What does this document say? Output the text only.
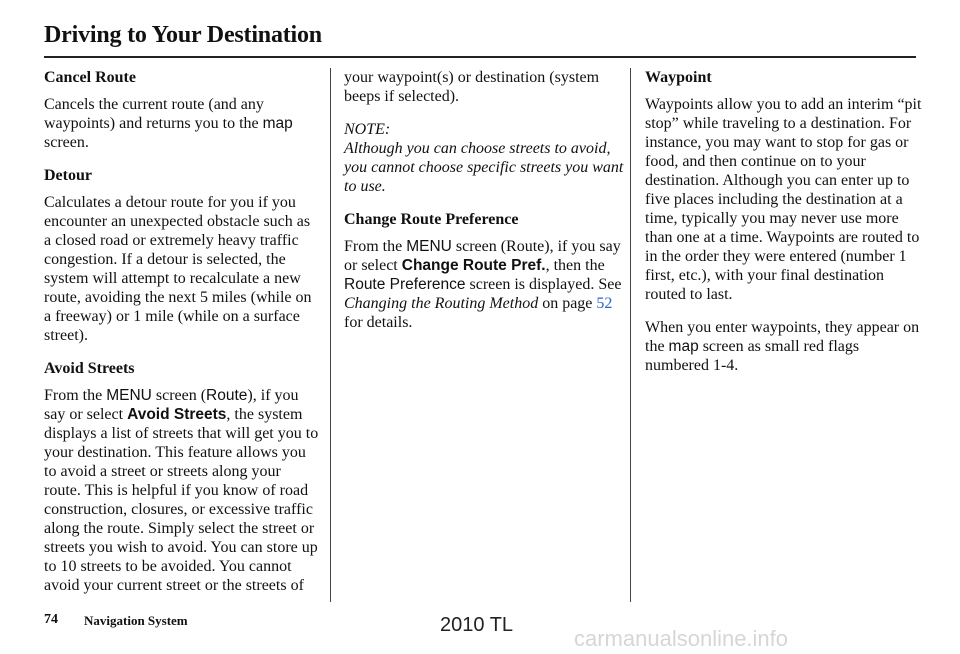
Driving to Your Destination
Cancel Route

Cancels the current route (and any waypoints) and returns you to the map screen.

Detour

Calculates a detour route for you if you encounter an unexpected obstacle such as a closed road or extremely heavy traffic congestion. If a detour is selected, the system will attempt to recalculate a new route, avoiding the next 5 miles (while on a freeway) or 1 mile (while on a surface street).

Avoid Streets

From the MENU screen (Route), if you say or select Avoid Streets, the system displays a list of streets that will get you to your destination. This feature allows you to avoid a street or streets along your route. This is helpful if you know of road construction, closures, or excessive traffic along the route. Simply select the street or streets you wish to avoid. You can store up to 10 streets to be avoided. You cannot avoid your current street or the streets of

your waypoint(s) or destination (system beeps if selected).

NOTE:

Although you can choose streets to avoid, you cannot choose specific streets you want to use.

Change Route Preference

From the MENU screen (Route), if you say or select Change Route Pref., then the Route Preference screen is displayed. See Changing the Routing Method on page 52 for details.

Waypoint

Waypoints allow you to add an interim “pit stop” while traveling to a destination. For instance, you may want to stop for gas or food, and then continue on to your destination. Although you can enter up to five places including the destination at a time, typically you may never use more than one at a time. Waypoints are routed to in the order they were entered (number 1 first, etc.), with your final destination routed to last.

When you enter waypoints, they appear on the map screen as small red flags numbered 1-4.

74 Navigation System	2010 TL
carmanualsonline.info
